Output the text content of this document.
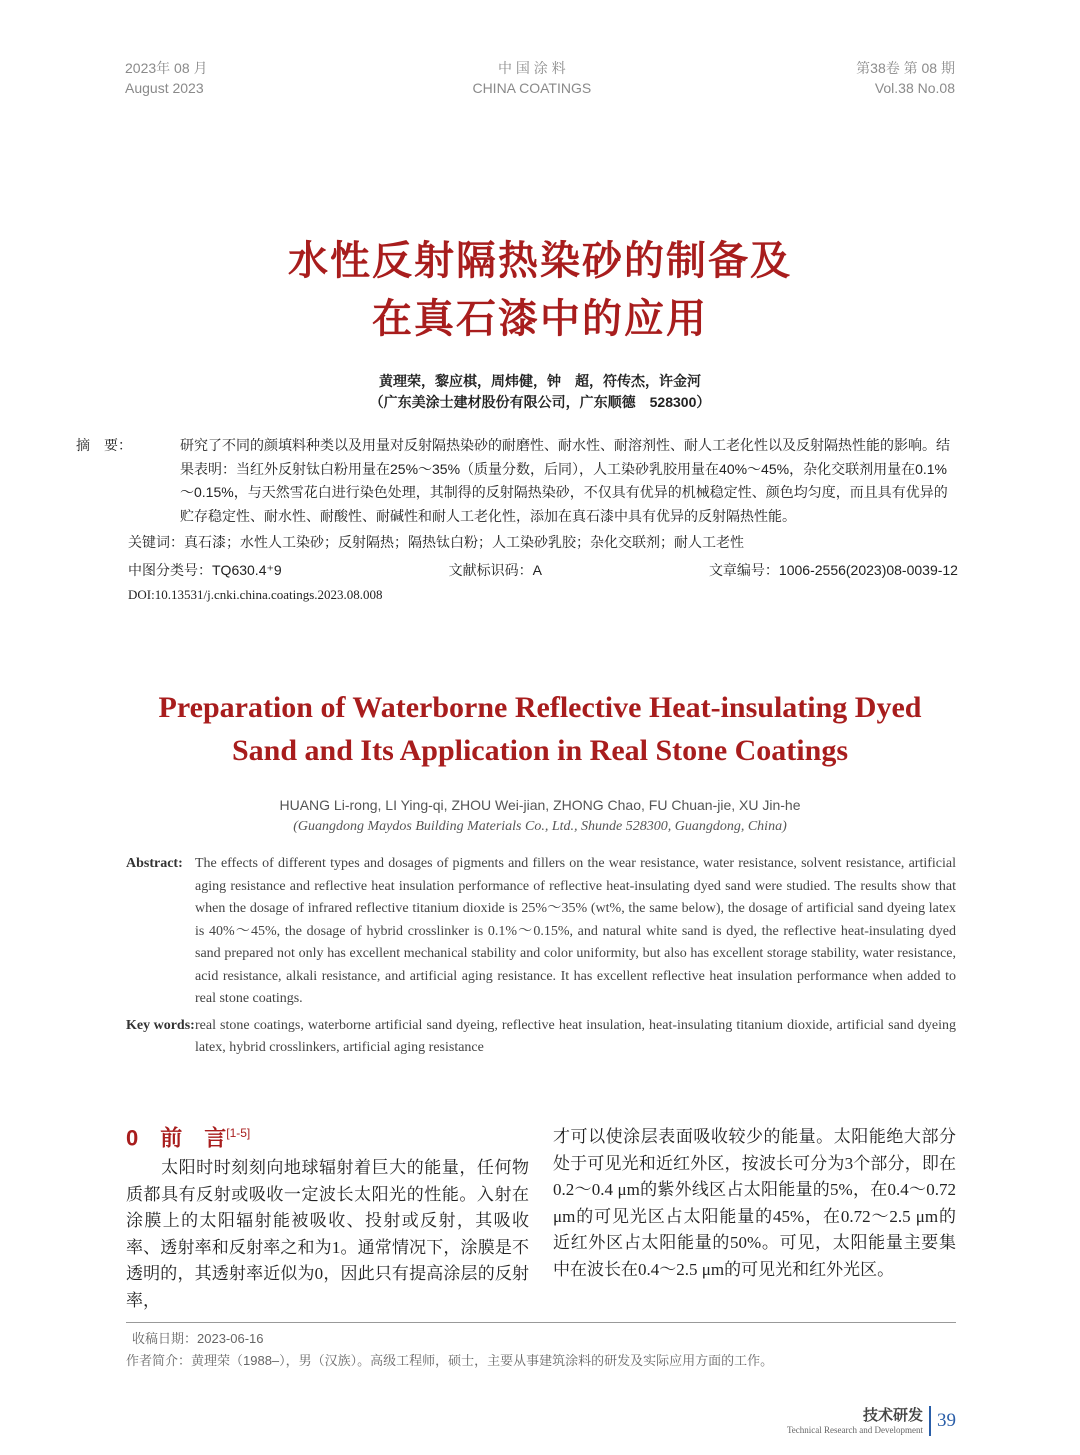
2023年 08 月
August 2023
中 国 涂 料
CHINA COATINGS
第38卷 第 08 期
Vol.38 No.08
水性反射隔热染砂的制备及
在真石漆中的应用
黄理荣，黎应棋，周炜健，钟　超，符传杰，许金河
（广东美涂士建材股份有限公司，广东顺德　528300）
摘　要：	研究了不同的颜填料种类以及用量对反射隔热染砂的耐磨性、耐水性、耐溶剂性、耐人工老化性以及反射隔热性能的影响。结果表明：当红外反射钛白粉用量在25%～35%（质量分数，后同），人工染砂乳胶用量在40%～45%，杂化交联剂用量在0.1%～0.15%，与天然雪花白进行染色处理，其制得的反射隔热染砂，不仅具有优异的机械稳定性、颜色均匀度，而且具有优异的贮存稳定性、耐水性、耐酸性、耐碱性和耐人工老化性，添加在真石漆中具有优异的反射隔热性能。
关键词：真石漆；水性人工染砂；反射隔热；隔热钛白粉；人工染砂乳胶；杂化交联剂；耐人工老性
中图分类号：TQ630.4⁺9	文献标识码：A	文章编号：1006-2556(2023)08-0039-12
DOI:10.13531/j.cnki.china.coatings.2023.08.008
Preparation of Waterborne Reflective Heat-insulating Dyed
Sand and Its Application in Real Stone Coatings
HUANG Li-rong, LI Ying-qi, ZHOU Wei-jian, ZHONG Chao, FU Chuan-jie, XU Jin-he
(Guangdong Maydos Building Materials Co., Ltd., Shunde 528300, Guangdong, China)
Abstract: The effects of different types and dosages of pigments and fillers on the wear resistance, water resistance, solvent resistance, artificial aging resistance and reflective heat insulation performance of reflective heat-insulating dyed sand were studied. The results show that when the dosage of infrared reflective titanium dioxide is 25%～35% (wt%, the same below), the dosage of artificial sand dyeing latex is 40%～45%, the dosage of hybrid crosslinker is 0.1%～0.15%, and natural white sand is dyed, the reflective heat-insulating dyed sand prepared not only has excellent mechanical stability and color uniformity, but also has excellent storage stability, water resistance, acid resistance, alkali resistance, and artificial aging resistance. It has excellent reflective heat insulation performance when added to real stone coatings.
Key words: real stone coatings, waterborne artificial sand dyeing, reflective heat insulation, heat-insulating titanium dioxide, artificial sand dyeing latex, hybrid crosslinkers, artificial aging resistance
0　前　言[1-5]
　　太阳时时刻刻向地球辐射着巨大的能量，任何物质都具有反射或吸收一定波长太阳光的性能。入射在涂膜上的太阳辐射能被吸收、投射或反射，其吸收率、透射率和反射率之和为1。通常情况下，涂膜是不透明的，其透射率近似为0，因此只有提高涂层的反射率，
才可以使涂层表面吸收较少的能量。太阳能绝大部分处于可见光和近红外区，按波长可分为3个部分，即在0.2～0.4 μm的紫外线区占太阳能量的5%，在0.4～0.72 μm的可见光区占太阳能量的45%，在0.72～2.5 μm的近红外区占太阳能量的50%。可见，太阳能量主要集中在波长在0.4～2.5 μm的可见光和红外光区。
收稿日期：2023-06-16
作者简介：黄理荣（1988–），男（汉族）。高级工程师，硕士，主要从事建筑涂料的研发及实际应用方面的工作。
技术研发
Technical Research and Development 39
